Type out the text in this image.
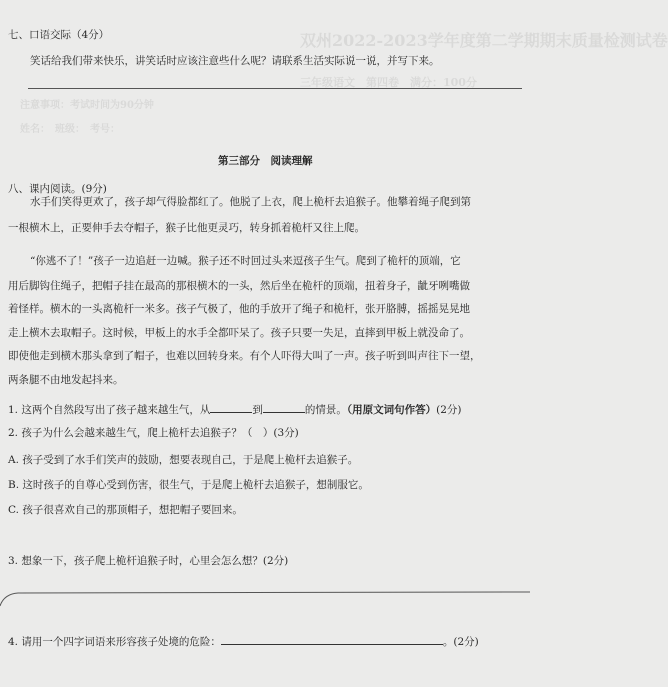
双州2022-2023学年度第二学期期末质量检测试卷
三年级语文　第四卷　满分：100分
注意事项：考试时间为90分钟
姓名：　班级：　考号：
七、口语交际（4分）
笑话给我们带来快乐，讲笑话时应该注意些什么呢？请联系生活实际说一说，并写下来。
第三部分　阅读理解
八、课内阅读。(9分)
水手们笑得更欢了，孩子却气得脸都红了。他脱了上衣，爬上桅杆去追猴子。他攀着绳子爬到第
一根横木上，正要伸手去夺帽子，猴子比他更灵巧，转身抓着桅杆又往上爬。
“你逃不了！”孩子一边追赶一边喊。猴子还不时回过头来逗孩子生气。爬到了桅杆的顶端，它
用后脚钩住绳子，把帽子挂在最高的那根横木的一头，然后坐在桅杆的顶端，扭着身子，龇牙咧嘴做
着怪样。横木的一头离桅杆一米多。孩子气极了，他的手放开了绳子和桅杆，张开胳膊，摇摇晃晃地
走上横木去取帽子。这时候，甲板上的水手全都吓呆了。孩子只要一失足，直摔到甲板上就没命了。
即使他走到横木那头拿到了帽子，也难以回转身来。有个人吓得大叫了一声。孩子听到叫声往下一望，
两条腿不由地发起抖来。
1. 这两个自然段写出了孩子越来越生气，从	到	的情景。（用原文词句作答）(2分)
2. 孩子为什么会越来越生气，爬上桅杆去追猴子？（　）(3分)
A. 孩子受到了水手们笑声的鼓励，想要表现自己，于是爬上桅杆去追猴子。
B. 这时孩子的自尊心受到伤害，很生气，于是爬上桅杆去追猴子，想制服它。
C. 孩子很喜欢自己的那顶帽子，想把帽子要回来。
3. 想象一下，孩子爬上桅杆追猴子时，心里会怎么想？(2分)
4. 请用一个四字词语来形容孩子处境的危险：	。(2分)
